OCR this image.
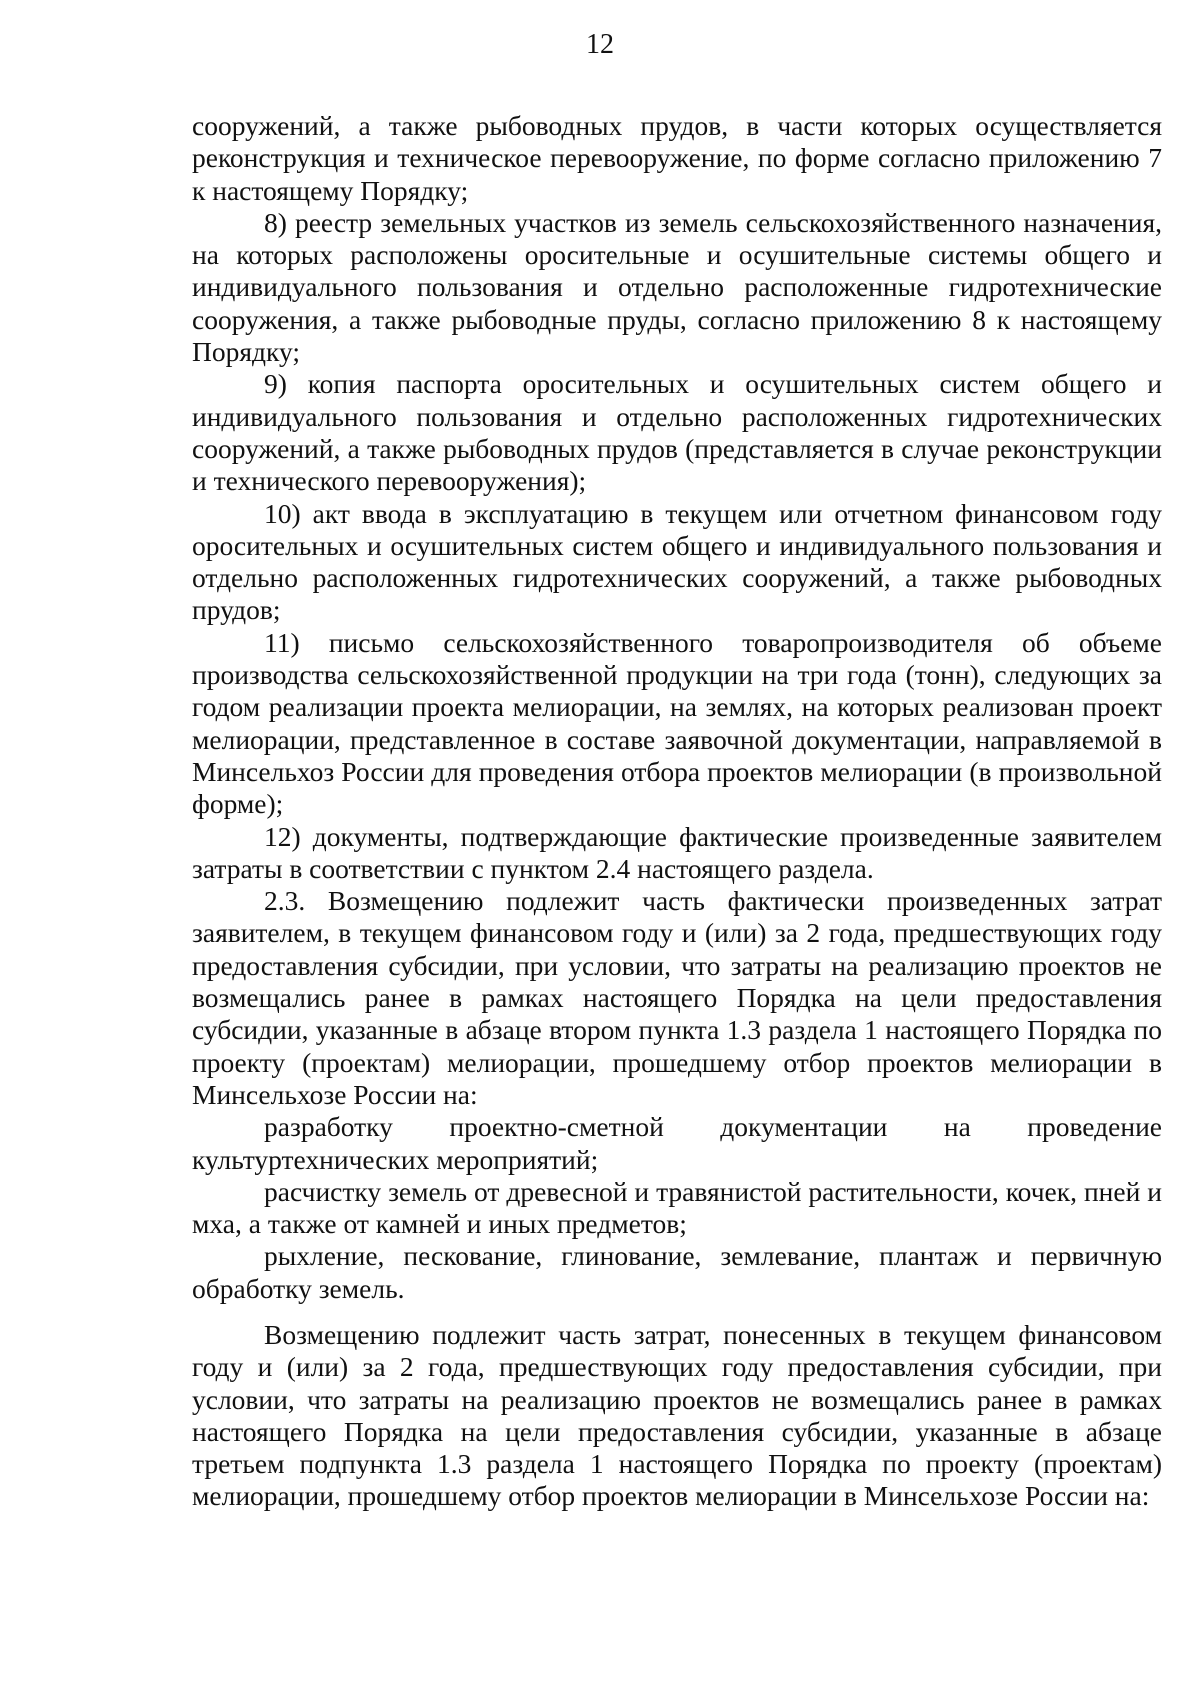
12

сооружений, а также рыбоводных прудов, в части которых осуществляется реконструкция и техническое перевооружение, по форме согласно приложению 7 к настоящему Порядку;

8) реестр земельных участков из земель сельскохозяйственного назначения, на которых расположены оросительные и осушительные системы общего и индивидуального пользования и отдельно расположенные гидротехнические сооружения, а также рыбоводные пруды, согласно приложению 8 к настоящему Порядку;

9) копия паспорта оросительных и осушительных систем общего и индивидуального пользования и отдельно расположенных гидротехнических сооружений, а также рыбоводных прудов (представляется в случае реконструкции и технического перевооружения);

10) акт ввода в эксплуатацию в текущем или отчетном финансовом году оросительных и осушительных систем общего и индивидуального пользования и отдельно расположенных гидротехнических сооружений, а также рыбоводных прудов;

11) письмо сельскохозяйственного товаропроизводителя об объеме производства сельскохозяйственной продукции на три года (тонн), следующих за годом реализации проекта мелиорации, на землях, на которых реализован проект мелиорации, представленное в составе заявочной документации, направляемой в Минсельхоз России для проведения отбора проектов мелиорации (в произвольной форме);

12) документы, подтверждающие фактические произведенные заявителем затраты в соответствии с пунктом 2.4 настоящего раздела.

2.3. Возмещению подлежит часть фактически произведенных затрат заявителем, в текущем финансовом году и (или) за 2 года, предшествующих году предоставления субсидии, при условии, что затраты на реализацию проектов не возмещались ранее в рамках настоящего Порядка на цели предоставления субсидии, указанные в абзаце втором пункта 1.3 раздела 1 настоящего Порядка по проекту (проектам) мелиорации, прошедшему отбор проектов мелиорации в Минсельхозе России на:

разработку проектно-сметной документации на проведение культуртехнических мероприятий;

расчистку земель от древесной и травянистой растительности, кочек, пней и мха, а также от камней и иных предметов;

рыхление, пескование, глинование, землевание, плантаж и первичную обработку земель.

Возмещению подлежит часть затрат, понесенных в текущем финансовом году и (или) за 2 года, предшествующих году предоставления субсидии, при условии, что затраты на реализацию проектов не возмещались ранее в рамках настоящего Порядка на цели предоставления субсидии, указанные в абзаце третьем подпункта 1.3 раздела 1 настоящего Порядка по проекту (проектам) мелиорации, прошедшему отбор проектов мелиорации в Минсельхозе России на:
